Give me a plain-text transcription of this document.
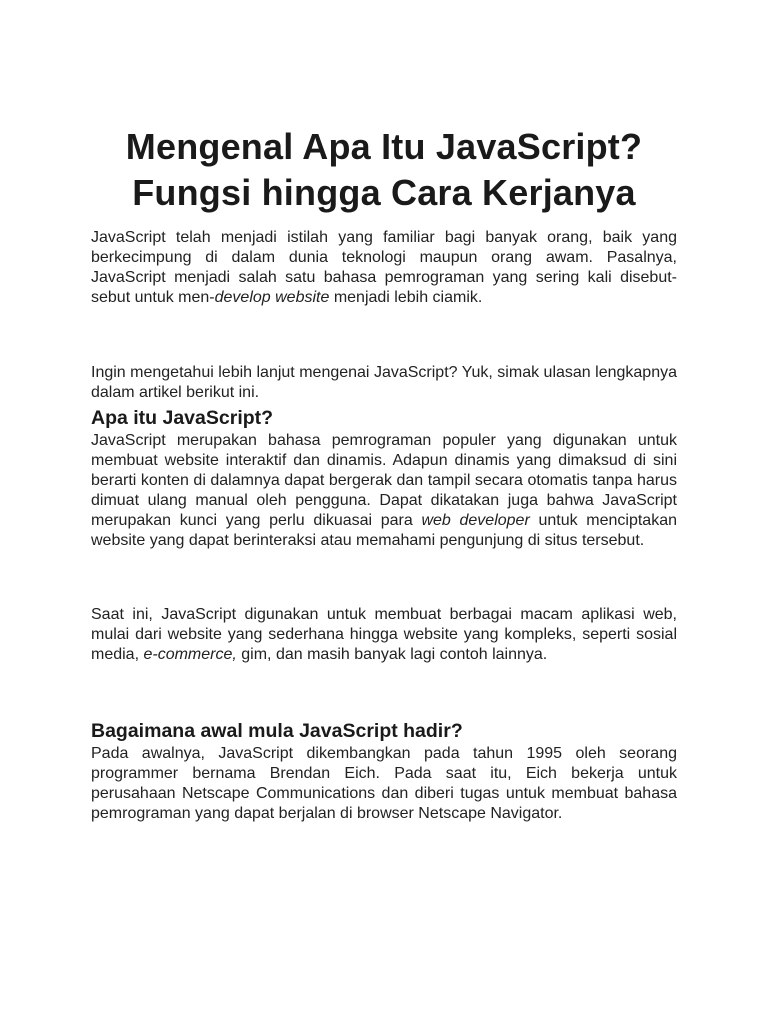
Mengenal Apa Itu JavaScript?
Fungsi hingga Cara Kerjanya

JavaScript telah menjadi istilah yang familiar bagi banyak orang, baik yang berkecimpung di dalam dunia teknologi maupun orang awam. Pasalnya, JavaScript menjadi salah satu bahasa pemrograman yang sering kali disebut-sebut untuk men-develop website menjadi lebih ciamik.

Ingin mengetahui lebih lanjut mengenai JavaScript? Yuk, simak ulasan lengkapnya dalam artikel berikut ini.

Apa itu JavaScript?

JavaScript merupakan bahasa pemrograman populer yang digunakan untuk membuat website interaktif dan dinamis. Adapun dinamis yang dimaksud di sini berarti konten di dalamnya dapat bergerak dan tampil secara otomatis tanpa harus dimuat ulang manual oleh pengguna. Dapat dikatakan juga bahwa JavaScript merupakan kunci yang perlu dikuasai para web developer untuk menciptakan website yang dapat berinteraksi atau memahami pengunjung di situs tersebut.

Saat ini, JavaScript digunakan untuk membuat berbagai macam aplikasi web, mulai dari website yang sederhana hingga website yang kompleks, seperti sosial media, e-commerce, gim, dan masih banyak lagi contoh lainnya.

Bagaimana awal mula JavaScript hadir?

Pada awalnya, JavaScript dikembangkan pada tahun 1995 oleh seorang programmer bernama Brendan Eich. Pada saat itu, Eich bekerja untuk perusahaan Netscape Communications dan diberi tugas untuk membuat bahasa pemrograman yang dapat berjalan di browser Netscape Navigator.
